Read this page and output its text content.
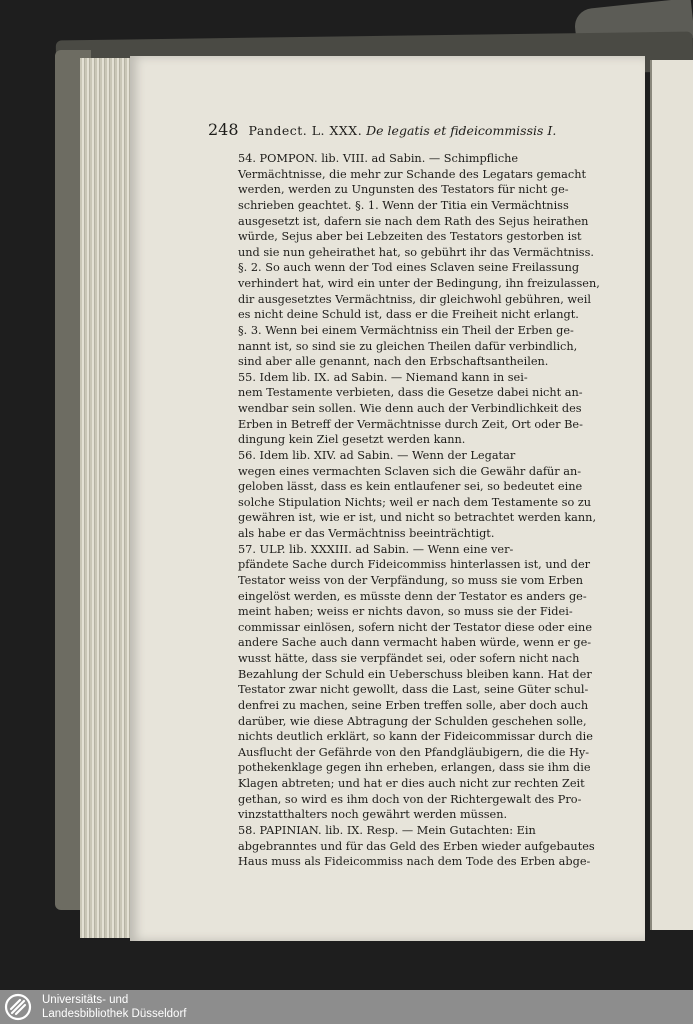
248 Pandect. L. XXX. De legatis et fideicommissis I.

54. POMPON. lib. VIII. ad Sabin. — Schimpfliche
Vermächtnisse, die mehr zur Schande des Legatars gemacht
werden, werden zu Ungunsten des Testators für nicht ge-
schrieben geachtet. §. 1. Wenn der Titia ein Vermächtniss
ausgesetzt ist, dafern sie nach dem Rath des Sejus heirathen
würde, Sejus aber bei Lebzeiten des Testators gestorben ist
und sie nun geheirathet hat, so gebührt ihr das Vermächtniss.
§. 2. So auch wenn der Tod eines Sclaven seine Freilassung
verhindert hat, wird ein unter der Bedingung, ihn freizulassen,
dir ausgesetztes Vermächtniss, dir gleichwohl gebühren, weil
es nicht deine Schuld ist, dass er die Freiheit nicht erlangt.
§. 3. Wenn bei einem Vermächtniss ein Theil der Erben ge-
nannt ist, so sind sie zu gleichen Theilen dafür verbindlich,
sind aber alle genannt, nach den Erbschaftsantheilen.

55. Idem lib. IX. ad Sabin. — Niemand kann in sei-
nem Testamente verbieten, dass die Gesetze dabei nicht an-
wendbar sein sollen. Wie denn auch der Verbindlichkeit des
Erben in Betreff der Vermächtnisse durch Zeit, Ort oder Be-
dingung kein Ziel gesetzt werden kann.

56. Idem lib. XIV. ad Sabin. — Wenn der Legatar
wegen eines vermachten Sclaven sich die Gewähr dafür an-
geloben lässt, dass es kein entlaufener sei, so bedeutet eine
solche Stipulation Nichts; weil er nach dem Testamente so zu
gewähren ist, wie er ist, und nicht so betrachtet werden kann,
als habe er das Vermächtniss beeinträchtigt.

57. ULP. lib. XXXIII. ad Sabin. — Wenn eine ver-
pfändete Sache durch Fideicommiss hinterlassen ist, und der
Testator weiss von der Verpfändung, so muss sie vom Erben
eingelöst werden, es müsste denn der Testator es anders ge-
meint haben; weiss er nichts davon, so muss sie der Fidei-
commissar einlösen, sofern nicht der Testator diese oder eine
andere Sache auch dann vermacht haben würde, wenn er ge-
wusst hätte, dass sie verpfändet sei, oder sofern nicht nach
Bezahlung der Schuld ein Ueberschuss bleiben kann. Hat der
Testator zwar nicht gewollt, dass die Last, seine Güter schul-
denfrei zu machen, seine Erben treffen solle, aber doch auch
darüber, wie diese Abtragung der Schulden geschehen solle,
nichts deutlich erklärt, so kann der Fideicommissar durch die
Ausflucht der Gefährde von den Pfandgläubigern, die die Hy-
pothekenklage gegen ihn erheben, erlangen, dass sie ihm die
Klagen abtreten; und hat er dies auch nicht zur rechten Zeit
gethan, so wird es ihm doch von der Richtergewalt des Pro-
vinzstatthalters noch gewährt werden müssen.

58. PAPINIAN. lib. IX. Resp. — Mein Gutachten: Ein
abgebranntes und für das Geld des Erben wieder aufgebautes
Haus muss als Fideicommiss nach dem Tode des Erben abge-

Universitäts- und
Landesbibliothek Düsseldorf
